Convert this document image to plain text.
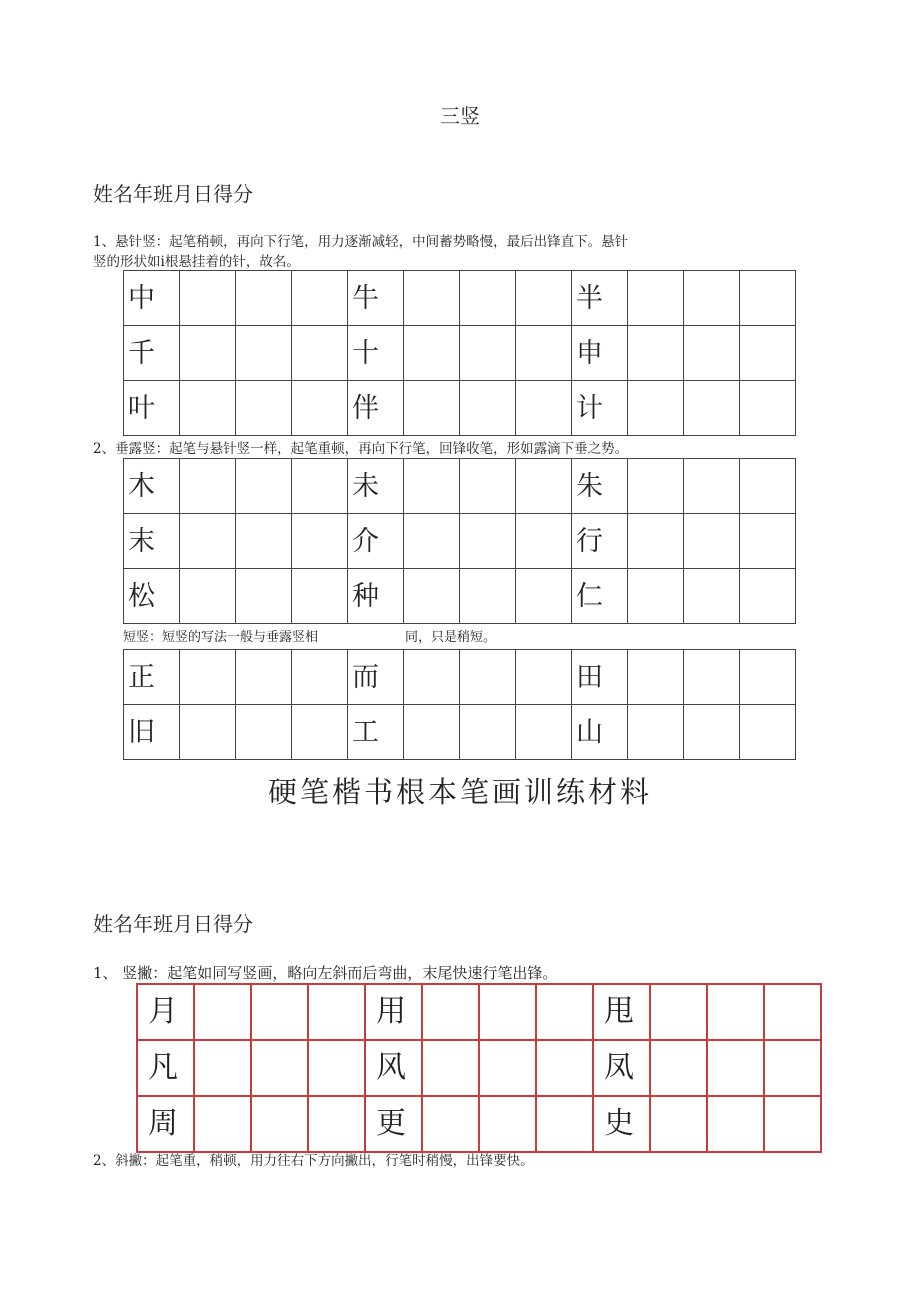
三竖
姓名年班月日得分
1、悬针竖：起笔稍顿，再向下行笔，用力逐渐减轻，中间蓄势略慢，最后出锋直下。悬针
竖的形状如i根悬挂着的针，故名。
中				牛				半			

千				十				申			

叶				伴				计			

2、垂露竖：起笔与悬针竖一样，起笔重顿，再向下行笔，回锋收笔，形如露滴下垂之势。
木				未				朱			

末				介				行			

松				种				仁			

短竖：短竖的写法一般与垂露竖相	同，只是稍短。
正				而				田			

旧				工				山			

硬笔楷书根本笔画训练材料
姓名年班月日得分
1、 竖撇：起笔如同写竖画，略向左斜而后弯曲，末尾快速行笔出锋。
月				用				甩			

凡				风				凤			

周				更				史			

2、斜撇：起笔重，稍顿，用力往右下方向撇出，行笔时稍慢，出锋要快。
